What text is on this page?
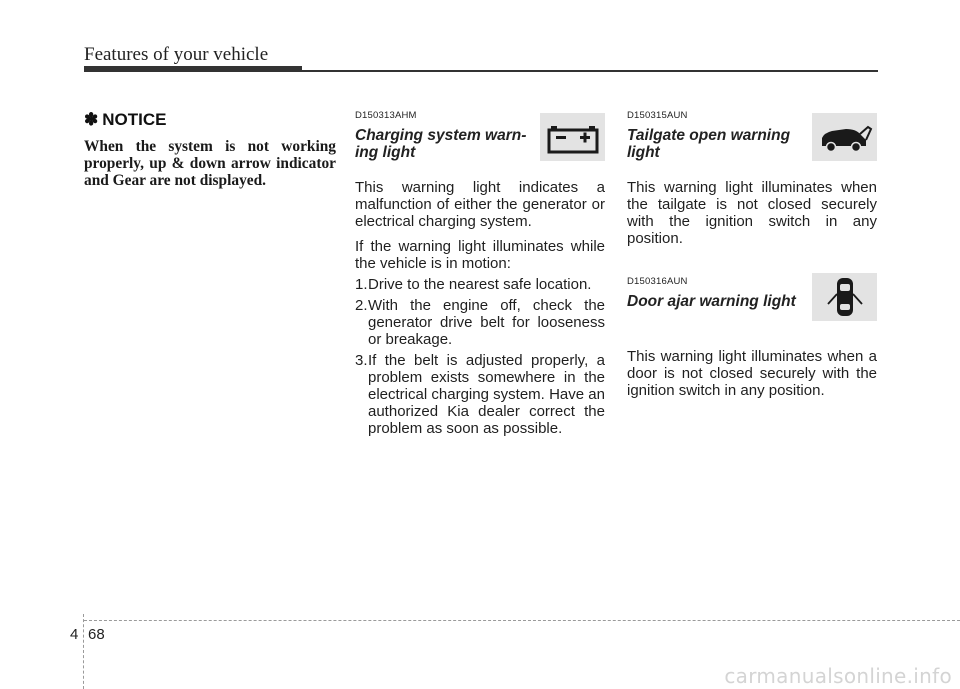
Features of your vehicle
✽ NOTICE
When the system is not working properly, up & down arrow indicator and Gear are not displayed.
D150313AHM
Charging system warn-
ing light
This warning light indicates a malfunction of either the generator or electrical charging system.
If the warning light illuminates while the vehicle is in motion:
1. Drive to the nearest safe location.
2. With the engine off, check the generator drive belt for looseness or breakage.
3. If the belt is adjusted properly, a problem exists somewhere in the electrical charging system. Have an authorized Kia dealer correct the problem as soon as possible.
D150315AUN
Tailgate open warning
light
This warning light illuminates when the tailgate is not closed securely with the ignition switch in any position.
D150316AUN
Door ajar warning light
This warning light illuminates when a door is not closed securely with the ignition switch in any position.
4 68
carmanualsonline.info
